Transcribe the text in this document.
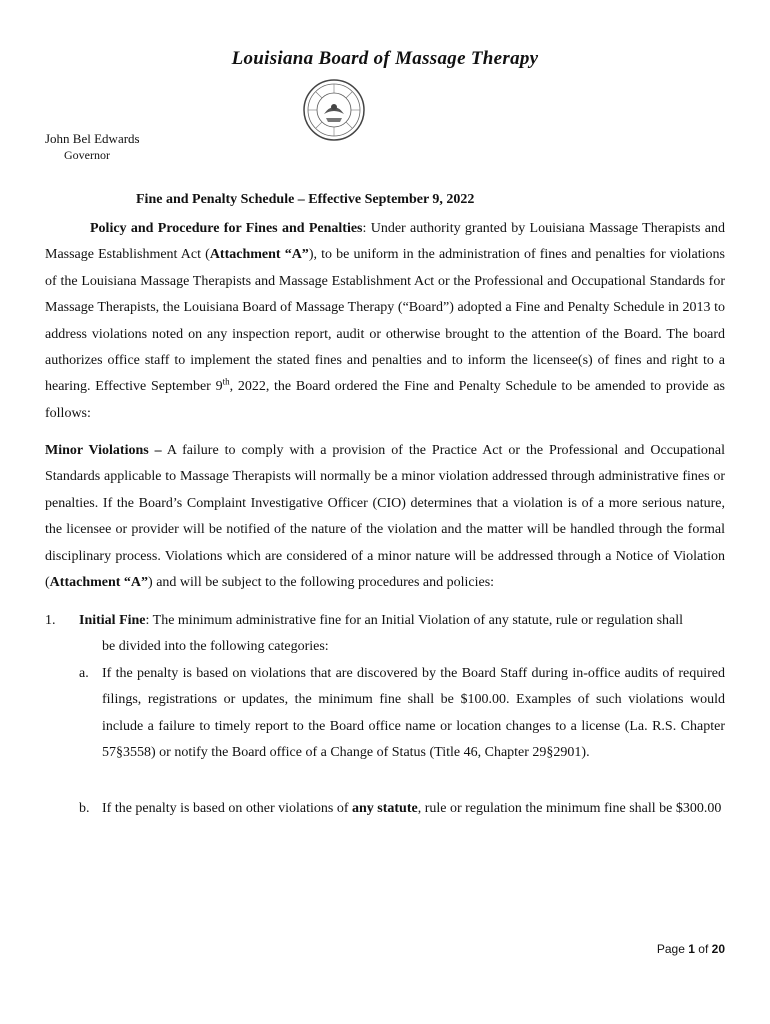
Louisiana Board of Massage Therapy
John Bel Edwards
Governor
Fine and Penalty Schedule – Effective September 9, 2022
Policy and Procedure for Fines and Penalties: Under authority granted by Louisiana Massage Therapists and Massage Establishment Act (Attachment “A”), to be uniform in the administration of fines and penalties for violations of the Louisiana Massage Therapists and Massage Establishment Act or the Professional and Occupational Standards for Massage Therapists, the Louisiana Board of Massage Therapy (“Board”) adopted a Fine and Penalty Schedule in 2013 to address violations noted on any inspection report, audit or otherwise brought to the attention of the Board. The board authorizes office staff to implement the stated fines and penalties and to inform the licensee(s) of fines and right to a hearing. Effective September 9th, 2022, the Board ordered the Fine and Penalty Schedule to be amended to provide as follows:
Minor Violations – A failure to comply with a provision of the Practice Act or the Professional and Occupational Standards applicable to Massage Therapists will normally be a minor violation addressed through administrative fines or penalties. If the Board’s Complaint Investigative Officer (CIO) determines that a violation is of a more serious nature, the licensee or provider will be notified of the nature of the violation and the matter will be handled through the formal disciplinary process. Violations which are considered of a minor nature will be addressed through a Notice of Violation (Attachment “A”) and will be subject to the following procedures and policies:
1. Initial Fine: The minimum administrative fine for an Initial Violation of any statute, rule or regulation shall
be divided into the following categories:
a. If the penalty is based on violations that are discovered by the Board Staff during in-office audits of required filings, registrations or updates, the minimum fine shall be $100.00. Examples of such violations would include a failure to timely report to the Board office name or location changes to a license (La. R.S. Chapter 57§3558) or notify the Board office of a Change of Status (Title 46, Chapter 29§2901).
b. If the penalty is based on other violations of any statute, rule or regulation the minimum fine shall be $300.00
Page 1 of 20
